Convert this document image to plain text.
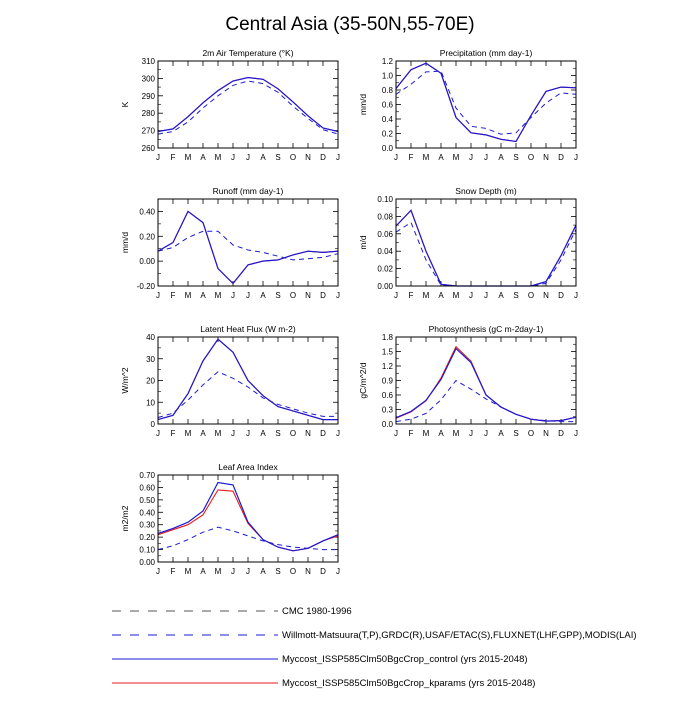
Central Asia (35-50N,55-70E)
2m Air Temperature (°K)
K
260
270
280
290
300
310
J F M A M J J A S O N D J
Precipitation (mm day-1)
mm/d
0.0
0.2
0.4
0.6
0.8
1.0
1.2
J F M A M J J A S O N D J
Runoff (mm day-1)
mm/d
-0.20
0.00
0.20
0.40
J F M A M J J A S O N D J
Snow Depth (m)
m/d
0.00
0.02
0.04
0.06
0.08
0.10
J F M A M J J A S O N D J
Latent Heat Flux (W m-2)
W/m^2
0
10
20
30
40
J F M A M J J A S O N D J
Photosynthesis (gC m-2day-1)
gC/m^2/d
0.0
0.3
0.6
0.9
1.2
1.5
1.8
J F M A M J J A S O N D J
Leaf Area Index
m2/m2
0.00
0.10
0.20
0.30
0.40
0.50
0.60
0.70
J F M A M J J A S O N D J
CMC 1980-1996
Willmott-Matsuura(T,P),GRDC(R),USAF/ETAC(S),FLUXNET(LHF,GPP),MODIS(LAI)
Myccost_ISSP585Clm50BgcCrop_control (yrs 2015-2048)
Myccost_ISSP585Clm50BgcCrop_kparams (yrs 2015-2048)
